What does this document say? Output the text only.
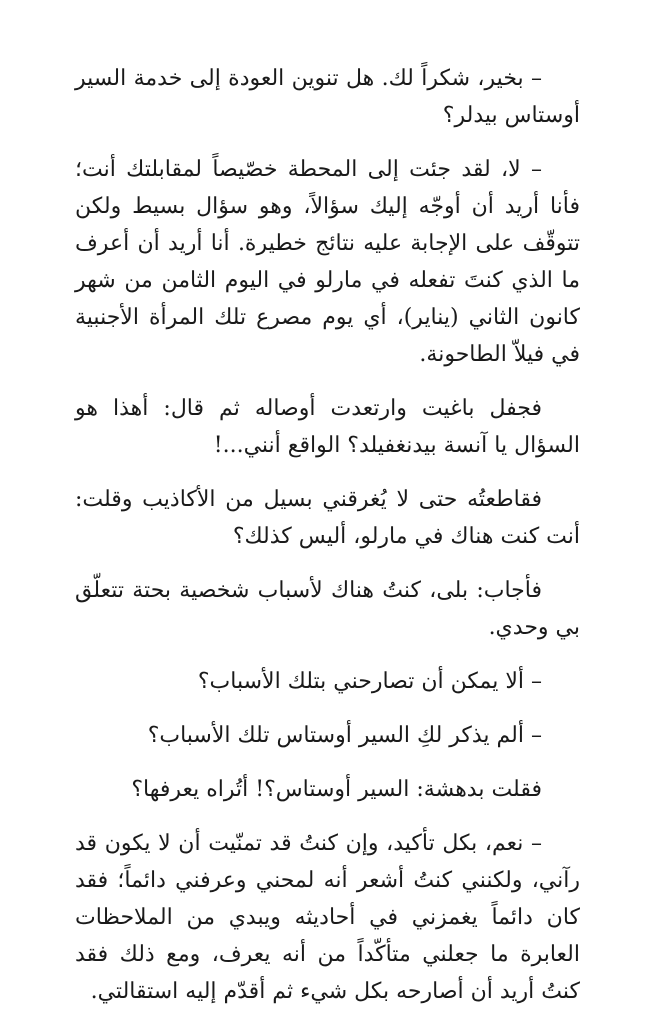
– بخير، شكراً لك. هل تنوين العودة إلى خدمة السير أوستاس بيدلر؟

– لا، لقد جئت إلى المحطة خصّيصاً لمقابلتك أنت؛ فأنا أريد أن أوجّه إليك سؤالاً، وهو سؤال بسيط ولكن تتوقّف على الإجابة عليه نتائج خطيرة. أنا أريد أن أعرف ما الذي كنتَ تفعله في مارلو في اليوم الثامن من شهر كانون الثاني (يناير)، أي يوم مصرع تلك المرأة الأجنبية في فيلاّ الطاحونة.

فجفل باغيت وارتعدت أوصاله ثم قال: أهذا هو السؤال يا آنسة بيدنغفيلد؟ الواقع أنني...!

فقاطعتُه حتى لا يُغرقني بسيل من الأكاذيب وقلت: أنت كنت هناك في مارلو، أليس كذلك؟

فأجاب: بلى، كنتُ هناك لأسباب شخصية بحتة تتعلّق بي وحدي.

– ألا يمكن أن تصارحني بتلك الأسباب؟

– ألم يذكر لكِ السير أوستاس تلك الأسباب؟

فقلت بدهشة: السير أوستاس؟! أتُراه يعرفها؟

– نعم، بكل تأكيد، وإن كنتُ قد تمنّيت أن لا يكون قد رآني، ولكنني كنتُ أشعر أنه لمحني وعرفني دائماً؛ فقد كان دائماً يغمزني في أحاديثه ويبدي من الملاحظات العابرة ما جعلني متأكّداً من أنه يعرف، ومع ذلك فقد كنتُ أريد أن أصارحه بكل شيء ثم أقدّم إليه استقالتي.
